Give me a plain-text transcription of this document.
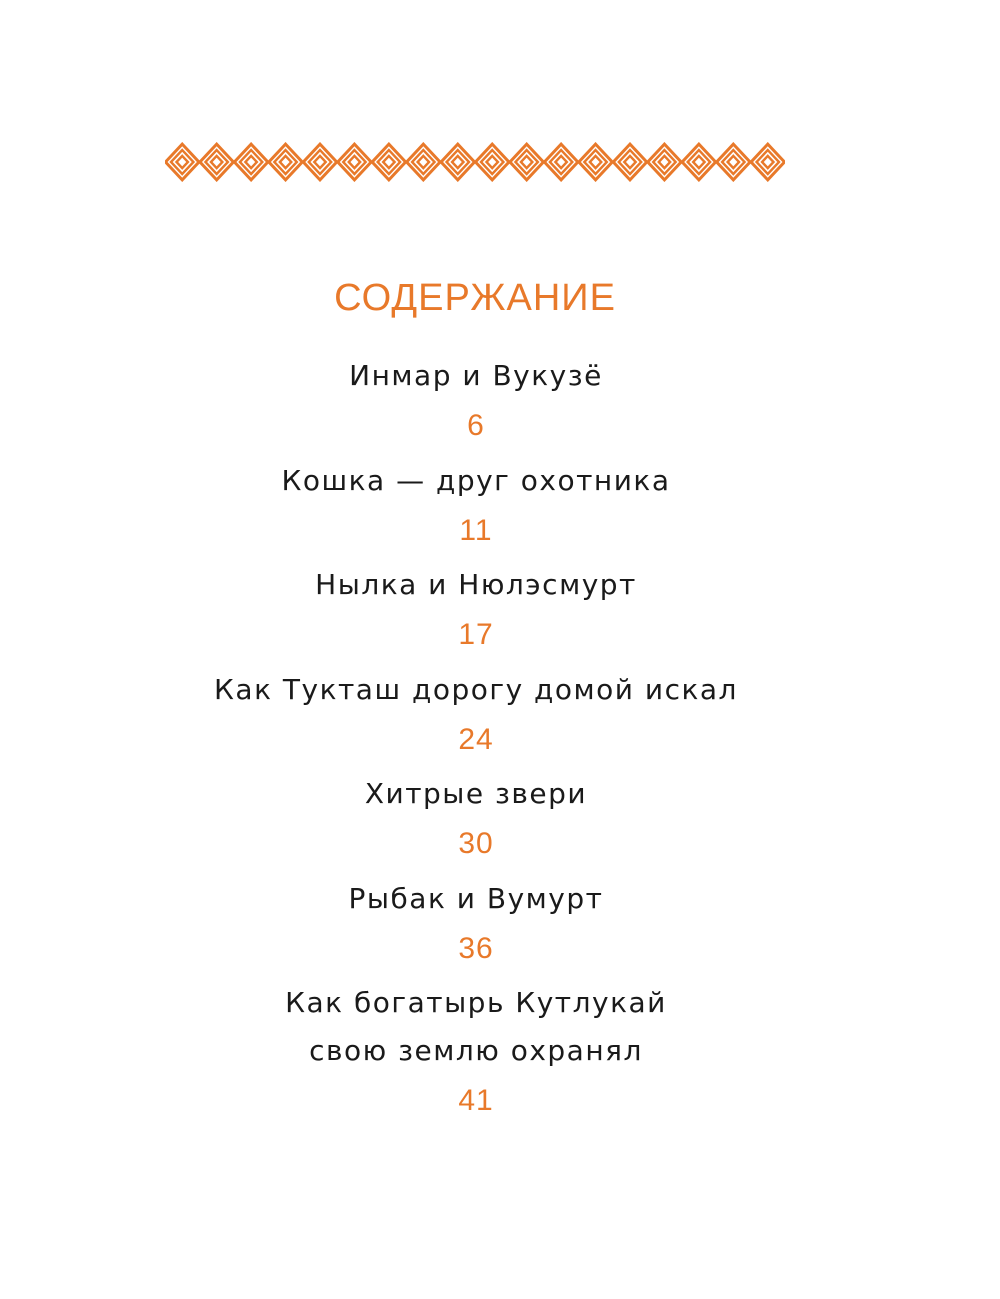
СОДЕРЖАНИЕ
Инмар и Вукузё
6
Кошка — друг охотника
11
Нылка и Нюлэсмурт
17
Как Тукташ дорогу домой искал
24
Хитрые звери
30
Рыбак и Вумурт
36
Как богатырь Кутлукай
свою землю охранял
41
